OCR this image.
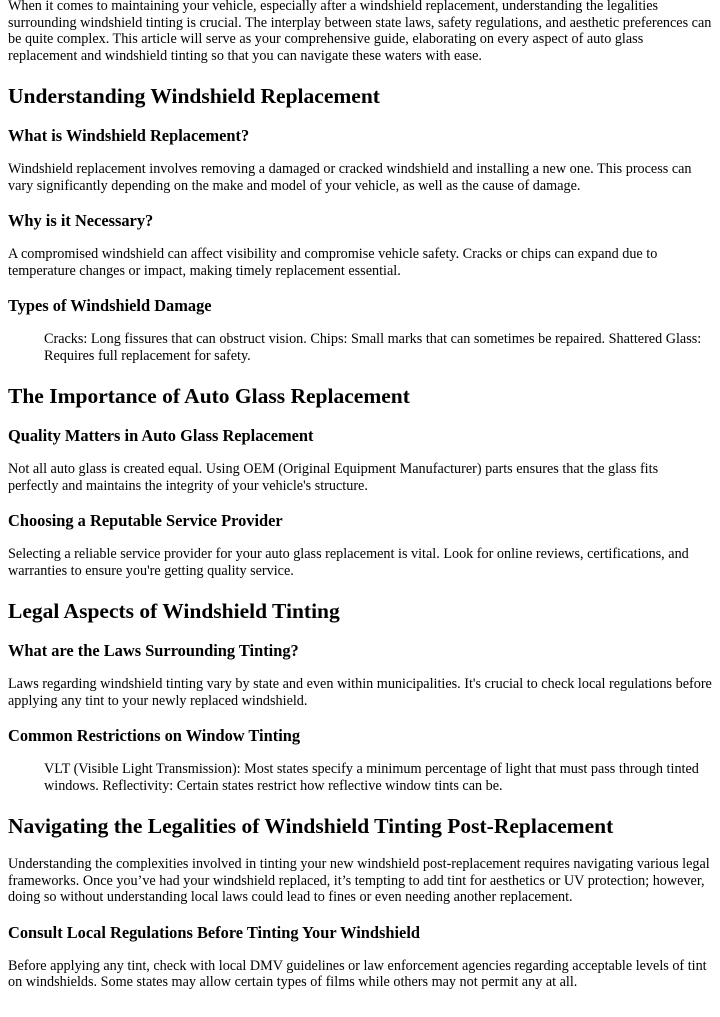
When it comes to maintaining your vehicle, especially after a windshield replacement, understanding the legalities surrounding windshield tinting is crucial. The interplay between state laws, safety regulations, and aesthetic preferences can be quite complex. This article will serve as your comprehensive guide, elaborating on every aspect of auto glass replacement and windshield tinting so that you can navigate these waters with ease.

Understanding Windshield Replacement
What is Windshield Replacement?

Windshield replacement involves removing a damaged or cracked windshield and installing a new one. This process can vary significantly depending on the make and model of your vehicle, as well as the cause of damage.

Why is it Necessary?

A compromised windshield can affect visibility and compromise vehicle safety. Cracks or chips can expand due to temperature changes or impact, making timely replacement essential.

Types of Windshield Damage
Cracks: Long fissures that can obstruct vision. Chips: Small marks that can sometimes be repaired. Shattered Glass: Requires full replacement for safety.
The Importance of Auto Glass Replacement
Quality Matters in Auto Glass Replacement

Not all auto glass is created equal. Using OEM (Original Equipment Manufacturer) parts ensures that the glass fits perfectly and maintains the integrity of your vehicle's structure.

Choosing a Reputable Service Provider

Selecting a reliable service provider for your auto glass replacement is vital. Look for online reviews, certifications, and warranties to ensure you're getting quality service.

Legal Aspects of Windshield Tinting
What are the Laws Surrounding Tinting?

Laws regarding windshield tinting vary by state and even within municipalities. It's crucial to check local regulations before applying any tint to your newly replaced windshield.

Common Restrictions on Window Tinting
VLT (Visible Light Transmission): Most states specify a minimum percentage of light that must pass through tinted windows. Reflectivity: Certain states restrict how reflective window tints can be.
Navigating the Legalities of Windshield Tinting Post-Replacement

Understanding the complexities involved in tinting your new windshield post-replacement requires navigating various legal frameworks. Once you’ve had your windshield replaced, it’s tempting to add tint for aesthetics or UV protection; however, doing so without understanding local laws could lead to fines or even needing another replacement.

Consult Local Regulations Before Tinting Your Windshield

Before applying any tint, check with local DMV guidelines or law enforcement agencies regarding acceptable levels of tint on windshields. Some states may allow certain types of films while others may not permit any at all.
